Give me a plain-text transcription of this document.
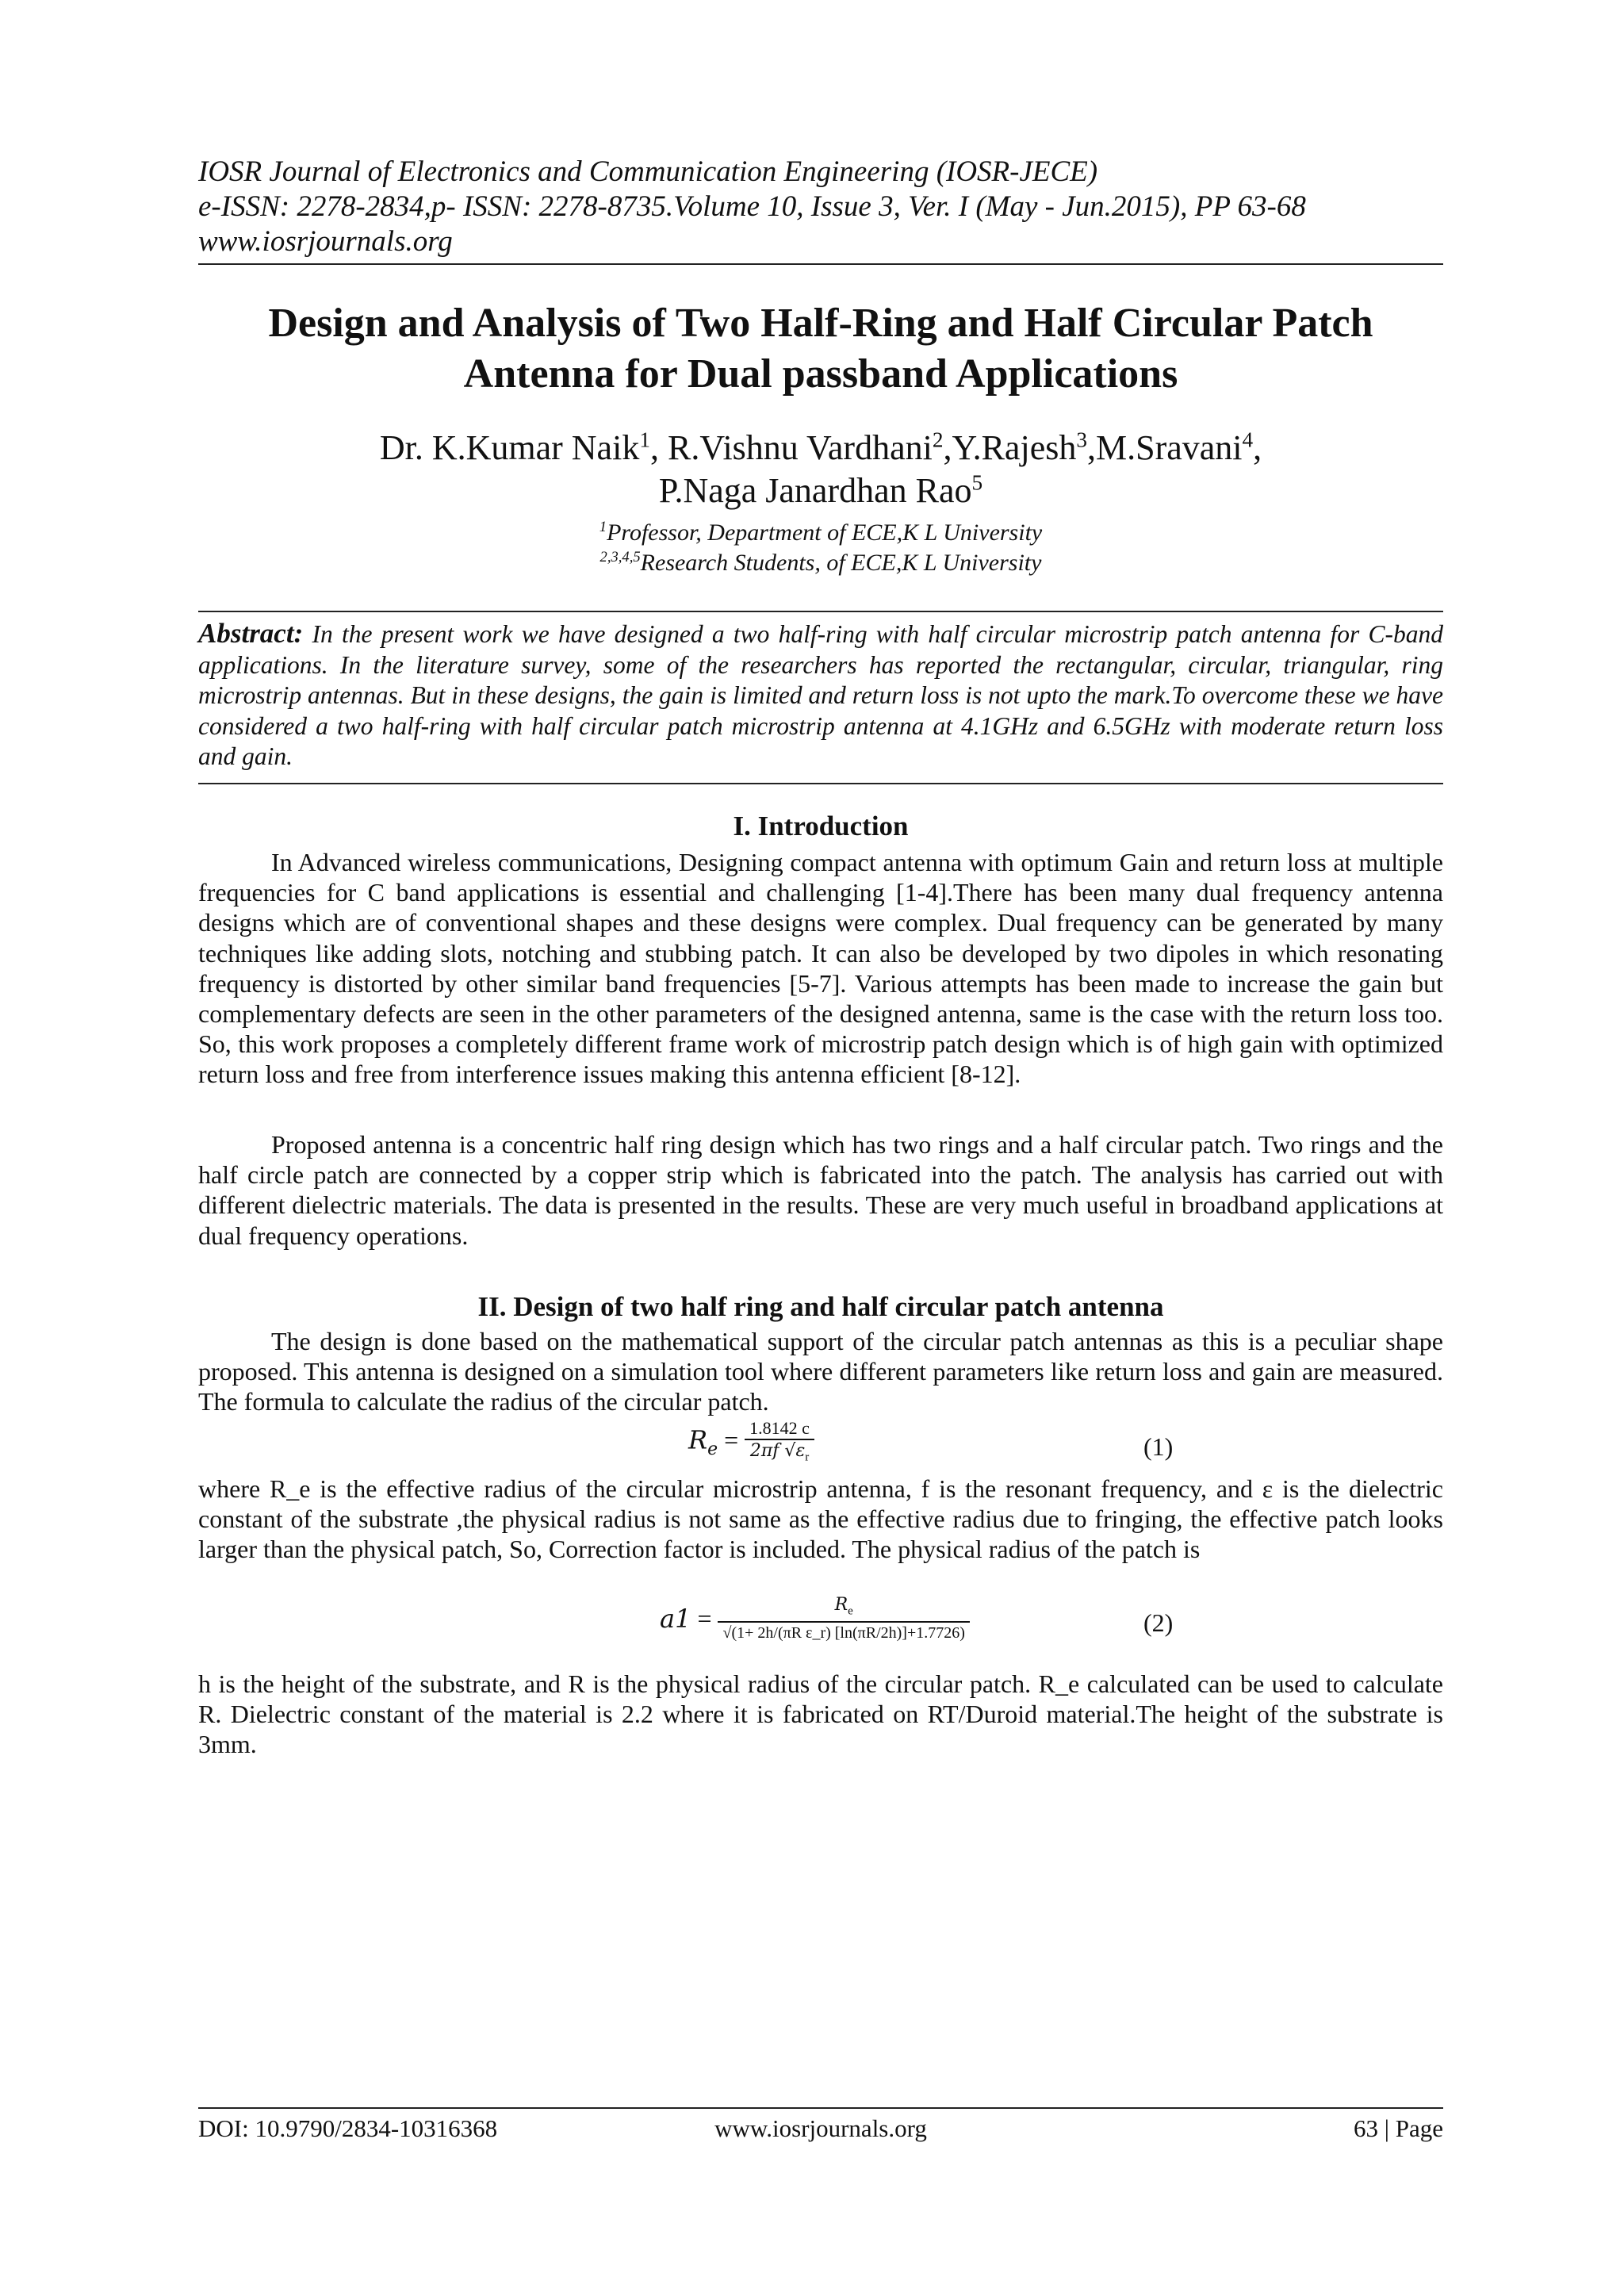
IOSR Journal of Electronics and Communication Engineering (IOSR-JECE)
e-ISSN: 2278-2834,p- ISSN: 2278-8735.Volume 10, Issue 3, Ver. I (May - Jun.2015), PP 63-68
www.iosrjournals.org
Design and Analysis of Two Half-Ring and Half Circular Patch
Antenna for Dual passband Applications
Dr. K.Kumar Naik$^1$, R.Vishnu Vardhani$^2$,Y.Rajesh$^3$,M.Sravani$^4$,
P.Naga Janardhan Rao$^5$
$^1$Professor, Department of ECE,K L University
$^{2,3,4,5}$Research Students, of ECE,K L University
Abstract: In the present work we have designed a two half-ring with half circular microstrip patch antenna for C-band applications. In the literature survey, some of the researchers has reported the rectangular, circular, triangular, ring microstrip antennas. But in these designs, the gain is limited and return loss is not upto the mark.To overcome these we have considered a two half-ring with half circular patch microstrip antenna at 4.1GHz and 6.5GHz with moderate return loss and gain.
I. Introduction
In Advanced wireless communications, Designing compact antenna with optimum Gain and return loss at multiple frequencies for C band applications is essential and challenging [1-4].There has been many dual frequency antenna designs which are of conventional shapes and these designs were complex. Dual frequency can be generated by many techniques like adding slots, notching and stubbing patch. It can also be developed by two dipoles in which resonating frequency is distorted by other similar band frequencies [5-7]. Various attempts has been made to increase the gain but complementary defects are seen in the other parameters of the designed antenna, same is the case with the return loss too. So, this work proposes a completely different frame work of microstrip patch design which is of high gain with optimized return loss and free from interference issues making this antenna efficient [8-12].
Proposed antenna is a concentric half ring design which has two rings and a half circular patch. Two rings and the half circle patch are connected by a copper strip which is fabricated into the patch. The analysis has carried out with different dielectric materials. The data is presented in the results. These are very much useful in broadband applications at dual frequency operations.
II. Design of two half ring and half circular patch antenna
The design is done based on the mathematical support of the circular patch antennas as this is a peculiar shape proposed. This antenna is designed on a simulation tool where different parameters like return loss and gain are measured. The formula to calculate the radius of the circular patch.
$R_e = \frac{1.8142 c}{2\pi f √\varepsilon_r}$	(1)
where R_e is the effective radius of the circular microstrip antenna, f is the resonant frequency, and ε is the dielectric constant of the substrate ,the physical radius is not same as the effective radius due to fringing, the effective patch looks larger than the physical patch, So, Correction factor is included. The physical radius of the patch is
$a1 = \frac{R_e}{\text{√(1+ 2h/(πR ε\_r) [ln(πR/2h)]+1.7726)}}$	(2)
h is the height of the substrate, and R is the physical radius of the circular patch. R_e calculated can be used to calculate R. Dielectric constant of the material is 2.2 where it is fabricated on RT/Duroid material.The height of the substrate is 3mm.
DOI: 10.9790/2834-10316368	www.iosrjournals.org	63 | Page
